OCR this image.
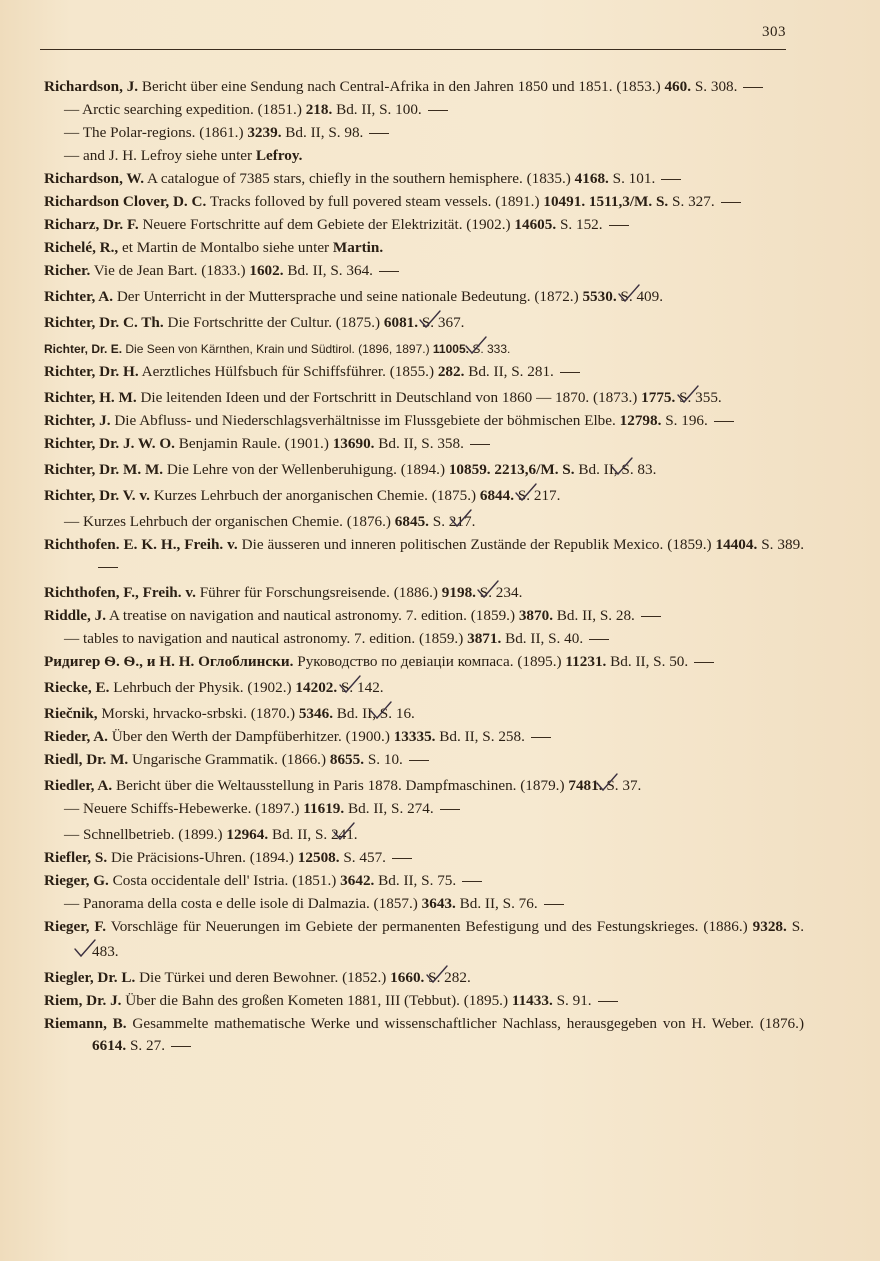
303
Richardson, J. Bericht über eine Sendung nach Central-Afrika in den Jahren 1850 und 1851. (1853.) 460. S. 308.
— Arctic searching expedition. (1851.) 218. Bd. II, S. 100.
— The Polar-regions. (1861.) 3239. Bd. II, S. 98.
— and J. H. Lefroy siehe unter Lefroy.
Richardson, W. A catalogue of 7385 stars, chiefly in the southern hemisphere. (1835.) 4168. S. 101.
Richardson Clover, D. C. Tracks folloved by full povered steam vessels. (1891.) 10491. 1511,3/M. S. S. 327.
Richarz, Dr. F. Neuere Fortschritte auf dem Gebiete der Elektrizität. (1902.) 14605. S. 152.
Richelé, R., et Martin de Montalbo siehe unter Martin.
Richer. Vie de Jean Bart. (1833.) 1602. Bd. II, S. 364.
Richter, A. Der Unterricht in der Muttersprache und seine nationale Bedeutung. (1872.) 5530. S. 409.
Richter, Dr. C. Th. Die Fortschritte der Cultur. (1875.) 6081. S. 367.
Richter, Dr. E. Die Seen von Kärnthen, Krain und Südtirol. (1896, 1897.) 11005. S. 333.
Richter, Dr. H. Aerztliches Hülfsbuch für Schiffsführer. (1855.) 282. Bd. II, S. 281.
Richter, H. M. Die leitenden Ideen und der Fortschritt in Deutschland von 1860 — 1870. (1873.) 1775. S. 355.
Richter, J. Die Abfluss- und Niederschlagsverhältnisse im Flussgebiete der böhmischen Elbe. 12798. S. 196.
Richter, Dr. J. W. O. Benjamin Raule. (1901.) 13690. Bd. II, S. 358.
Richter, Dr. M. M. Die Lehre von der Wellenberuhigung. (1894.) 10859. 2213,6/M. S. Bd. II, S. 83.
Richter, Dr. V. v. Kurzes Lehrbuch der anorganischen Chemie. (1875.) 6844. S. 217.
— Kurzes Lehrbuch der organischen Chemie. (1876.) 6845. S. 217.
Richthofen. E. K. H., Freih. v. Die äusseren und inneren politischen Zustände der Republik Mexico. (1859.) 14404. S. 389.
Richthofen, F., Freih. v. Führer für Forschungsreisende. (1886.) 9198. S. 234.
Riddle, J. A treatise on navigation and nautical astronomy. 7. edition. (1859.) 3870. Bd. II, S. 28.
— tables to navigation and nautical astronomy. 7. edition. (1859.) 3871. Bd. II, S. 40.
Ридигер Ѳ. Ѳ., и Н. Н. Оглоблински. Руководство по девiацiи компаса. (1895.) 11231. Bd. II, S. 50.
Riecke, E. Lehrbuch der Physik. (1902.) 14202. S. 142.
Riečnik, Morski, hrvacko-srbski. (1870.) 5346. Bd. II, S. 16.
Rieder, A. Über den Werth der Dampfüberhitzer. (1900.) 13335. Bd. II, S. 258.
Riedl, Dr. M. Ungarische Grammatik. (1866.) 8655. S. 10.
Riedler, A. Bericht über die Weltausstellung in Paris 1878. Dampfmaschinen. (1879.) 7481. S. 37.
— Neuere Schiffs-Hebewerke. (1897.) 11619. Bd. II, S. 274.
— Schnellbetrieb. (1899.) 12964. Bd. II, S. 241.
Riefler, S. Die Präcisions-Uhren. (1894.) 12508. S. 457.
Rieger, G. Costa occidentale dell' Istria. (1851.) 3642. Bd. II, S. 75.
— Panorama della costa e delle isole di Dalmazia. (1857.) 3643. Bd. II, S. 76.
Rieger, F. Vorschläge für Neuerungen im Gebiete der permanenten Befestigung und des Festungskrieges. (1886.) 9328. S. 483.
Riegler, Dr. L. Die Türkei und deren Bewohner. (1852.) 1660. S. 282.
Riem, Dr. J. Über die Bahn des großen Kometen 1881, III (Tebbut). (1895.) 11433. S. 91.
Riemann, B. Gesammelte mathematische Werke und wissenschaftlicher Nachlass, herausgegeben von H. Weber. (1876.) 6614. S. 27.
